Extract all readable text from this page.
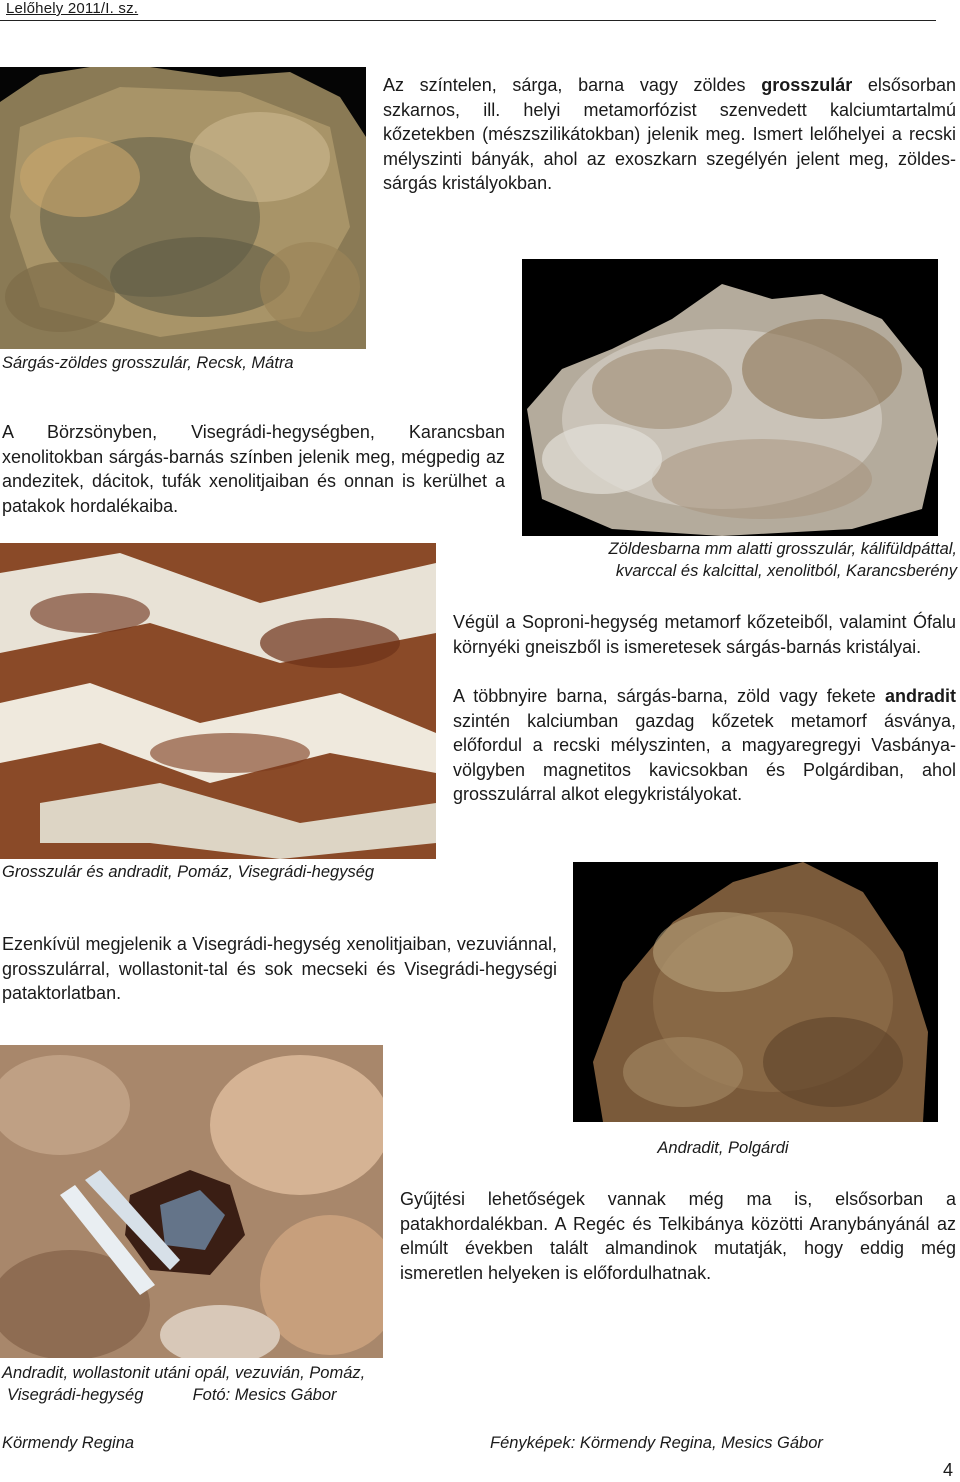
Lelőhely 2011/I. sz.
Az színtelen, sárga, barna vagy zöldes grosszulár elsősorban szkarnos, ill. helyi metamorfózist szenvedett kalciumtartalmú kőzetekben (mészszilikátokban) jelenik meg. Ismert lelőhelyei a recski mélyszinti bányák, ahol az exoszkarn szegélyén jelent meg, zöldes-sárgás kristályokban.
Sárgás-zöldes grosszulár, Recsk, Mátra
A Börzsönyben, Visegrádi-hegységben, Karancsban xenolitokban sárgás-barnás színben jelenik meg, mégpedig az andezitek, dácitok, tufák xenolitjaiban és onnan is kerülhet a patakok hordalékaiba.
Zöldesbarna mm alatti grosszulár, kálifüldpáttal,
kvarccal és kalcittal, xenolitból, Karancsberény
Végül a Soproni-hegység metamorf kőzeteiből, valamint Ófalu környéki gneiszből is ismeretesek sárgás-barnás kristályai.
A többnyire barna, sárgás-barna, zöld vagy fekete andradit szintén kalciumban gazdag kőzetek metamorf ásványa, előfordul a recski mélyszinten, a magyaregregyi Vasbánya-völgyben magnetitos kavicsokban és Polgárdiban, ahol grosszulárral alkot elegykristályokat.
Grosszulár és andradit, Pomáz, Visegrádi-hegység
Ezenkívül megjelenik a Visegrádi-hegység xenolitjaiban, vezuviánnal, grosszulárral, wollastonit-tal és sok mecseki és Visegrádi-hegységi pataktorlatban.
Andradit, Polgárdi
Gyűjtési lehetőségek vannak még ma is, elsősorban a patakhordalékban. A Regéc és Telkibánya közötti Aranybányánál az elmúlt években talált almandinok mutatják, hogy eddig még ismeretlen helyeken is előfordulhatnak.
Andradit, wollastonit utáni opál, vezuvián, Pomáz,
Visegrádi-hegység	Fotó: Mesics Gábor
Körmendy Regina	Fényképek: Körmendy Regina, Mesics Gábor
4
